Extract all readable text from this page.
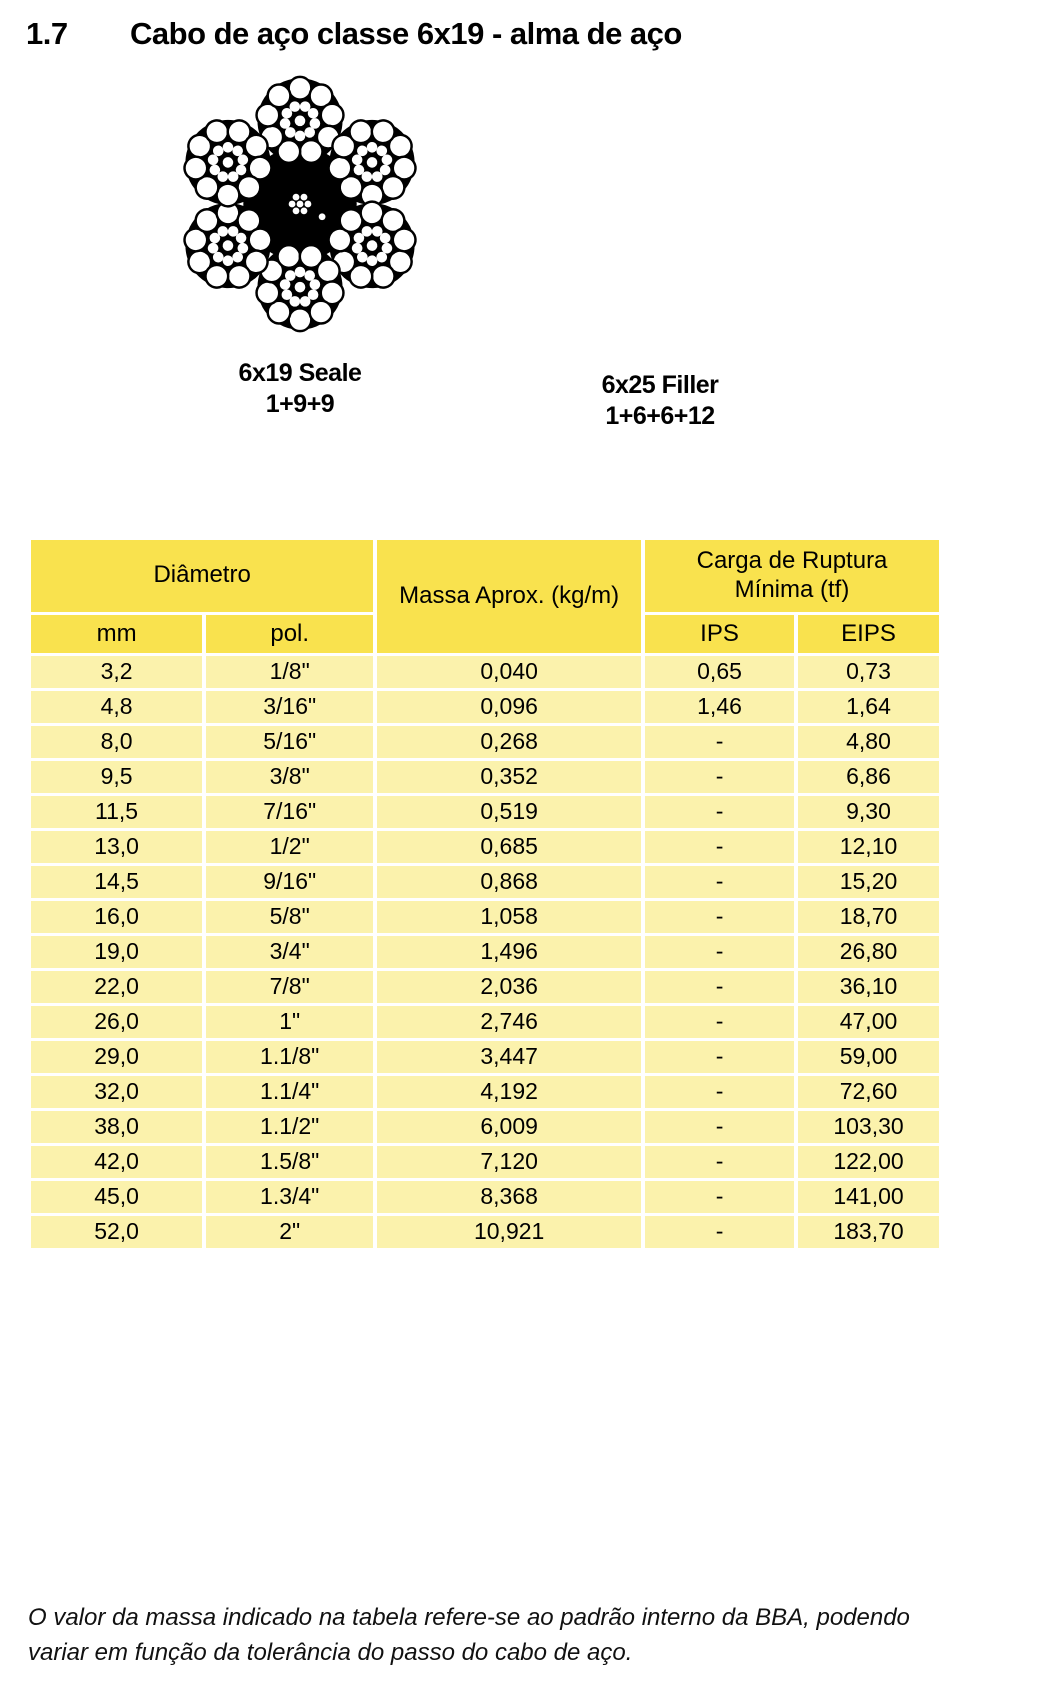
1.7	Cabo de aço classe 6x19 - alma de aço
6x19 Seale
1+9+9
6x25 Filler
1+6+6+12
Diâmetro		Massa Aprox. (kg/m)	Carga de Ruptura
Mínima (tf)	

mm	pol.		IPS	EIPS
3,2	1/8"	0,040	0,65	0,73
4,8	3/16"	0,096	1,46	1,64
8,0	5/16"	0,268	-	4,80
9,5	3/8"	0,352	-	6,86
11,5	7/16"	0,519	-	9,30
13,0	1/2"	0,685	-	12,10
14,5	9/16"	0,868	-	15,20
16,0	5/8"	1,058	-	18,70
19,0	3/4"	1,496	-	26,80
22,0	7/8"	2,036	-	36,10
26,0	1"	2,746	-	47,00
29,0	1.1/8"	3,447	-	59,00
32,0	1.1/4"	4,192	-	72,60
38,0	1.1/2"	6,009	-	103,30
42,0	1.5/8"	7,120	-	122,00
45,0	1.3/4"	8,368	-	141,00
52,0	2"	10,921	-	183,70
O valor da massa indicado na tabela refere-se ao padrão interno da BBA, podendo
variar em função da tolerância do passo do cabo de aço.
